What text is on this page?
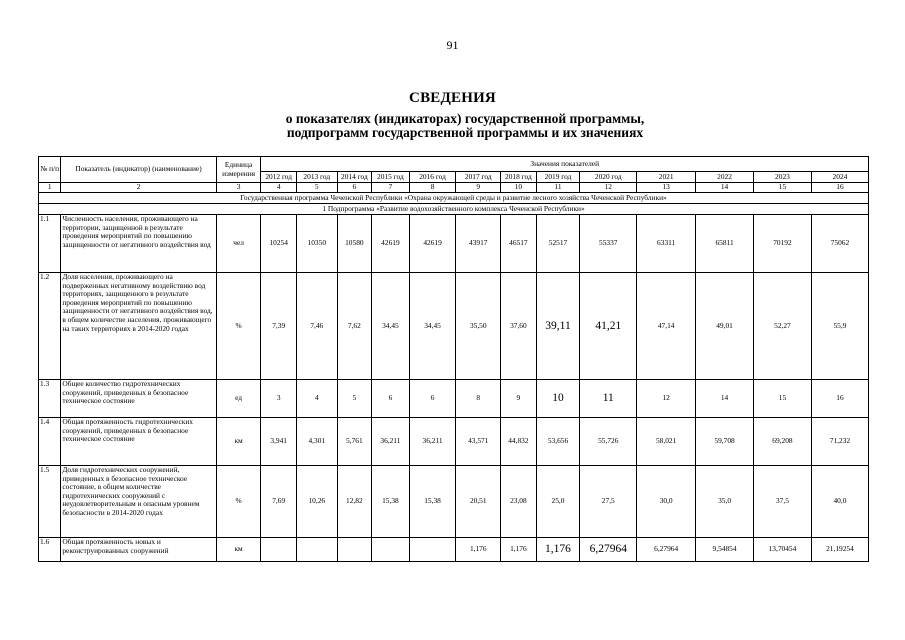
91
СВЕДЕНИЯ
о показателях (индикаторах) государственной программы, подпрограмм государственной программы и их значениях
№ п/п	Показатель (индикатор) (наименование)	Единица измерения	Значения показателей												
			2012 год	2013 год	2014 год	2015 год	2016 год	2017 год	2018 год	2019 год	2020 год	2021	2022	2023	2024
1	2	3	4	5	6	7	8	9	10	11	12	13	14	15	16
Государственная программа Чеченской Республики «Охрана окружающей среды и развитие лесного хозяйства Чеченской Республики»															
1 Подпрограмма «Развитие водохозяйственного комплекса Чеченской Республики»															
1.1	Численность населения, проживающего на территории, защищенной в результате проведения мероприятий по повышению защищенности от негативного воздействия вод	чел	10254	10350	10580	42619	42619	43917	46517	52517	55337	63311	65811	70192	75062
1.2	Доля населения, проживающего на подверженных негативному воздействию вод территориях, защищенного в результате проведения мероприятий по повышению защищенности от негативного воздействия вод, в общем количестве населения, проживающего на таких территориях в 2014-2020 годах	%	7,39	7,46	7,62	34,45	34,45	35,50	37,60	39,11	41,21	47,14	49,01	52,27	55,9
1.3	Общее количество гидротехнических сооружений, приведенных в безопасное техническое состояние	ед	3	4	5	6	6	8	9	10	11	12	14	15	16
1.4	Общая протяженность гидротехнических сооружений, приведенных в безопасное техническое состояние	км	3,941	4,301	5,761	36,211	36,211	43,571	44,832	53,656	55,726	58,021	59,708	69,208	71,232
1.5	Доля гидротехнических сооружений, приведенных в безопасное техническое состояние, в общем количестве гидротехнических сооружений с неудовлетворительным и опасным уровнем безопасности в 2014-2020 годах	%	7,69	10,26	12,82	15,38	15,38	20,51	23,08	25,0	27,5	30,0	35,0	37,5	40,0
1.6	Общая протяженность новых и реконструированных сооружений	км						1,176	1,176	1,176	6,27964	6,27964	9,54854	13,70454	21,19254
